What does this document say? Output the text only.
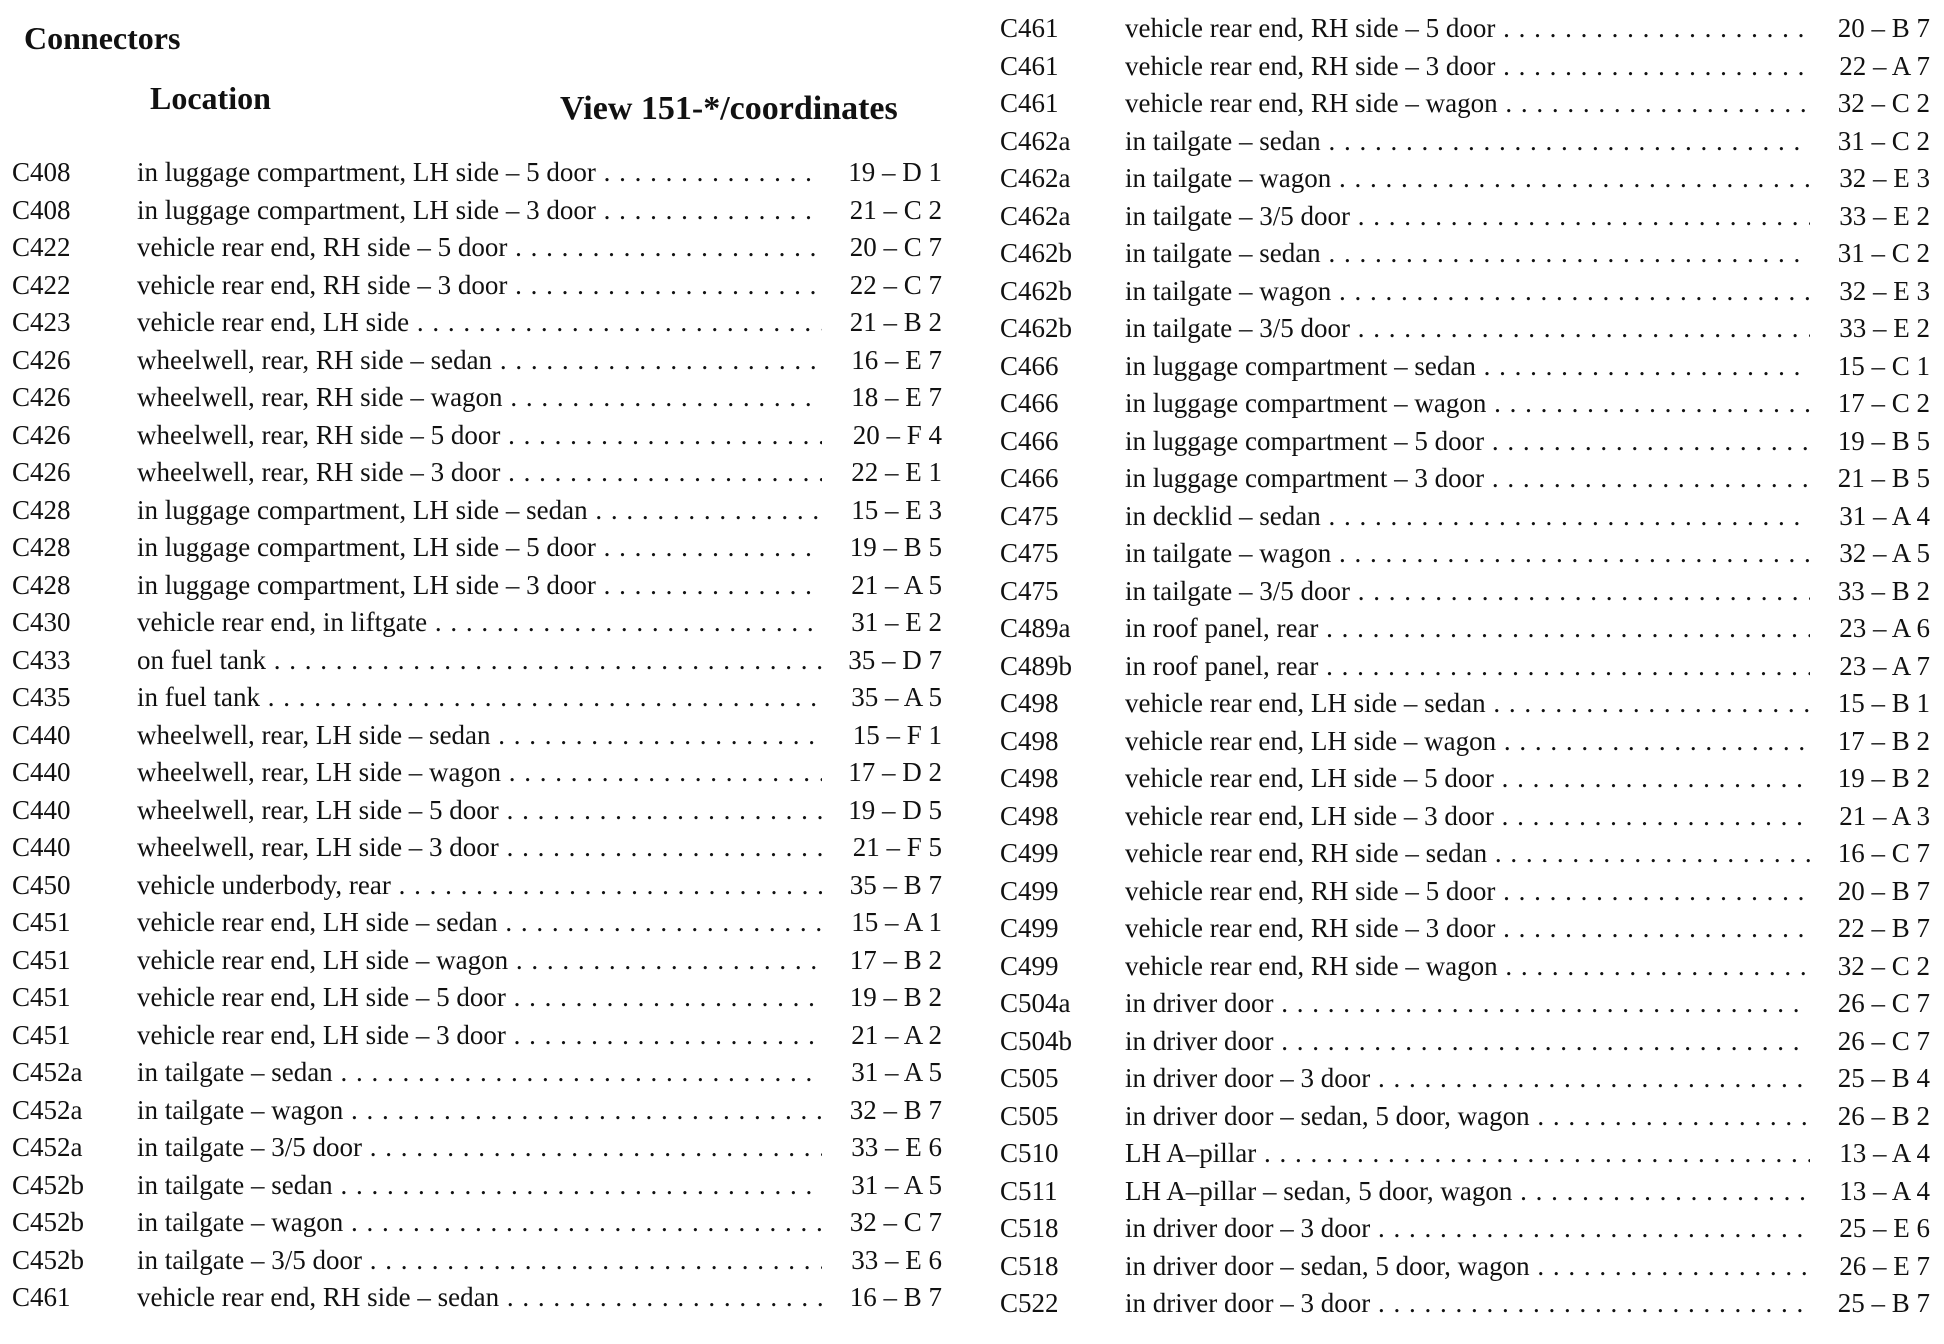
Connectors
Location	View 151-*/coordinates
C408	in luggage compartment, LH side – 5 door . . .	19 – D 1
C408	in luggage compartment, LH side – 3 door . . .	21 – C 2
C422	vehicle rear end, RH side – 5 door . . .	20 – C 7
C422	vehicle rear end, RH side – 3 door . . .	22 – C 7
C423	vehicle rear end, LH side . . .	21 – B 2
C426	wheelwell, rear, RH side – sedan . . .	16 – E 7
C426	wheelwell, rear, RH side – wagon . . .	18 – E 7
C426	wheelwell, rear, RH side – 5 door . . .	20 – F 4
C426	wheelwell, rear, RH side – 3 door . . .	22 – E 1
C428	in luggage compartment, LH side – sedan . . .	15 – E 3
C428	in luggage compartment, LH side – 5 door . . .	19 – B 5
C428	in luggage compartment, LH side – 3 door . . .	21 – A 5
C430	vehicle rear end, in liftgate . . .	31 – E 2
C433	on fuel tank . . .	35 – D 7
C435	in fuel tank . . .	35 – A 5
C440	wheelwell, rear, LH side – sedan . . .	15 – F 1
C440	wheelwell, rear, LH side – wagon . . .	17 – D 2
C440	wheelwell, rear, LH side – 5 door . . .	19 – D 5
C440	wheelwell, rear, LH side – 3 door . . .	21 – F 5
C450	vehicle underbody, rear . . .	35 – B 7
C451	vehicle rear end, LH side – sedan . . .	15 – A 1
C451	vehicle rear end, LH side – wagon . . .	17 – B 2
C451	vehicle rear end, LH side – 5 door . . .	19 – B 2
C451	vehicle rear end, LH side – 3 door . . .	21 – A 2
C452a	in tailgate – sedan . . .	31 – A 5
C452a	in tailgate – wagon . . .	32 – B 7
C452a	in tailgate – 3/5 door . . .	33 – E 6
C452b	in tailgate – sedan . . .	31 – A 5
C452b	in tailgate – wagon . . .	32 – C 7
C452b	in tailgate – 3/5 door . . .	33 – E 6
C461	vehicle rear end, RH side – sedan . . .	16 – B 7
C461	vehicle rear end, RH side – 5 door . . .	20 – B 7
C461	vehicle rear end, RH side – 3 door . . .	22 – A 7
C461	vehicle rear end, RH side – wagon . . .	32 – C 2
C462a	in tailgate – sedan . . .	31 – C 2
C462a	in tailgate – wagon . . .	32 – E 3
C462a	in tailgate – 3/5 door . . .	33 – E 2
C462b	in tailgate – sedan . . .	31 – C 2
C462b	in tailgate – wagon . . .	32 – E 3
C462b	in tailgate – 3/5 door . . .	33 – E 2
C466	in luggage compartment – sedan . . .	15 – C 1
C466	in luggage compartment – wagon . . .	17 – C 2
C466	in luggage compartment – 5 door . . .	19 – B 5
C466	in luggage compartment – 3 door . . .	21 – B 5
C475	in decklid – sedan . . .	31 – A 4
C475	in tailgate – wagon . . .	32 – A 5
C475	in tailgate – 3/5 door . . .	33 – B 2
C489a	in roof panel, rear . . .	23 – A 6
C489b	in roof panel, rear . . .	23 – A 7
C498	vehicle rear end, LH side – sedan . . .	15 – B 1
C498	vehicle rear end, LH side – wagon . . .	17 – B 2
C498	vehicle rear end, LH side – 5 door . . .	19 – B 2
C498	vehicle rear end, LH side – 3 door . . .	21 – A 3
C499	vehicle rear end, RH side – sedan . . .	16 – C 7
C499	vehicle rear end, RH side – 5 door . . .	20 – B 7
C499	vehicle rear end, RH side – 3 door . . .	22 – B 7
C499	vehicle rear end, RH side – wagon . . .	32 – C 2
C504a	in driver door . . .	26 – C 7
C504b	in driver door . . .	26 – C 7
C505	in driver door – 3 door . . .	25 – B 4
C505	in driver door – sedan, 5 door, wagon . . .	26 – B 2
C510	LH A–pillar . . .	13 – A 4
C511	LH A–pillar – sedan, 5 door, wagon . . .	13 – A 4
C518	in driver door – 3 door . . .	25 – E 6
C518	in driver door – sedan, 5 door, wagon . . .	26 – E 7
C522	in driver door – 3 door . . .	25 – B 7
